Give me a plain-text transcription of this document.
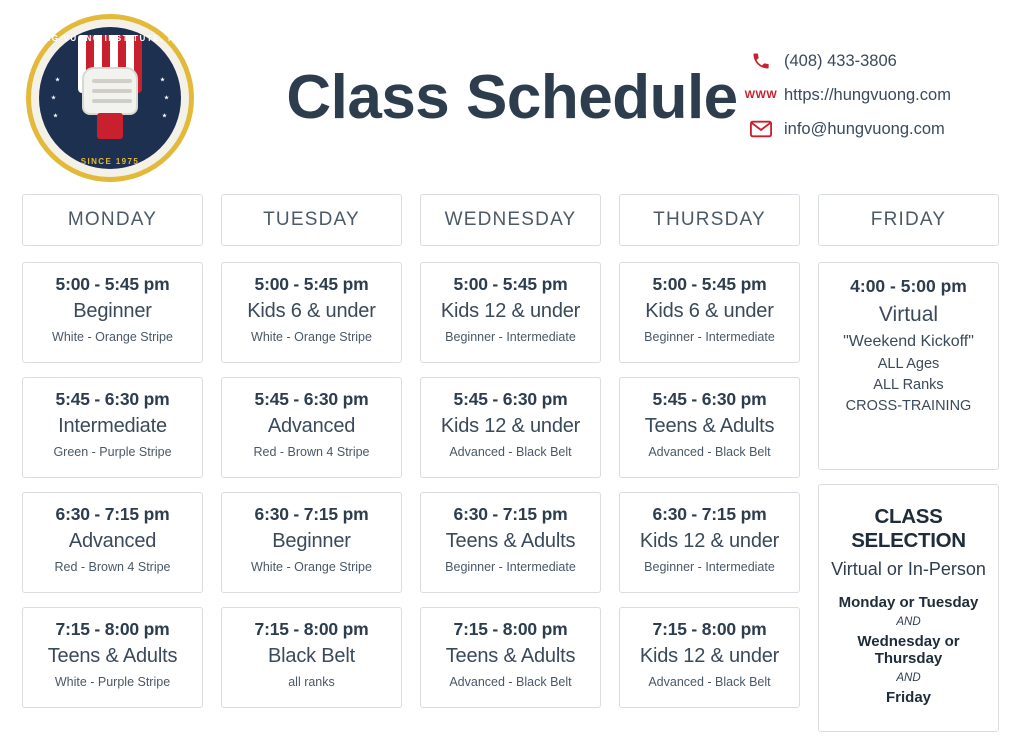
HUNG VUONG INSTITUTE, INC.
SINCE 1975
Class Schedule
(408) 433-3806
WWW https://hungvuong.com
info@hungvuong.com
MONDAY
5:00 - 5:45 pm
Beginner
White - Orange Stripe
5:45 - 6:30 pm
Intermediate
Green - Purple Stripe
6:30 - 7:15 pm
Advanced
Red - Brown 4 Stripe
7:15 - 8:00 pm
Teens & Adults
White - Purple Stripe
TUESDAY
5:00 - 5:45 pm
Kids 6 & under
White - Orange Stripe
5:45 - 6:30 pm
Advanced
Red - Brown 4 Stripe
6:30 - 7:15 pm
Beginner
White - Orange Stripe
7:15 - 8:00 pm
Black Belt
all ranks
WEDNESDAY
5:00 - 5:45 pm
Kids 12 & under
Beginner - Intermediate
5:45 - 6:30 pm
Kids 12 & under
Advanced - Black Belt
6:30 - 7:15 pm
Teens & Adults
Beginner - Intermediate
7:15 - 8:00 pm
Teens & Adults
Advanced - Black Belt
THURSDAY
5:00 - 5:45 pm
Kids 6 & under
Beginner - Intermediate
5:45 - 6:30 pm
Teens & Adults
Advanced - Black Belt
6:30 - 7:15 pm
Kids 12 & under
Beginner - Intermediate
7:15 - 8:00 pm
Kids 12 & under
Advanced - Black Belt
FRIDAY
4:00 - 5:00 pm
Virtual
"Weekend Kickoff"
ALL Ages
ALL Ranks
CROSS-TRAINING
CLASS SELECTION
Virtual or In-Person
Monday or Tuesday
AND
Wednesday or Thursday
AND
Friday
